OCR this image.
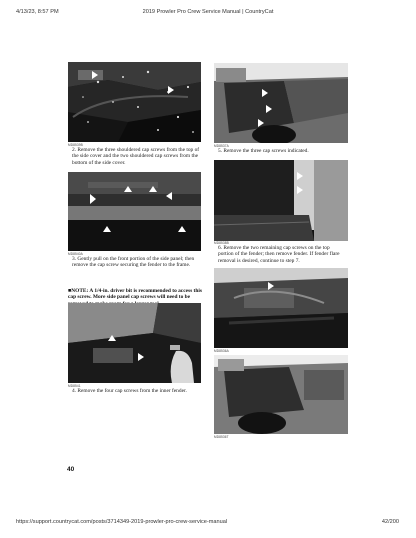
4/13/23, 8:57 PM	2019 Prowler Pro Crew Service Manual | CountryCat
MD8539B
2. Remove the three shouldered cap screws from the top of the side cover and the two shouldered cap screws from the bottom of the side cover.
MD8540A
3. Gently pull on the front portion of the side panel; then remove the cap screw securing the fender to the frame.
■NOTE: A 1/4-in. driver bit is recommended to access this cap screw. More side panel cap screws will need to be
MD8541
4. Remove the four cap screws from the inner fender.
MD8537A
5. Remove the three cap screws indicated.
MD8538B
6. Remove the two remaining cap screws on the top portion of the fender; then remove fender. If fender flare removal is desired, continue to step 7.
MD8536A
MD8536T
40
https://support.countrycat.com/posts/3714349-2019-prowler-pro-crew-service-manual	42/200
